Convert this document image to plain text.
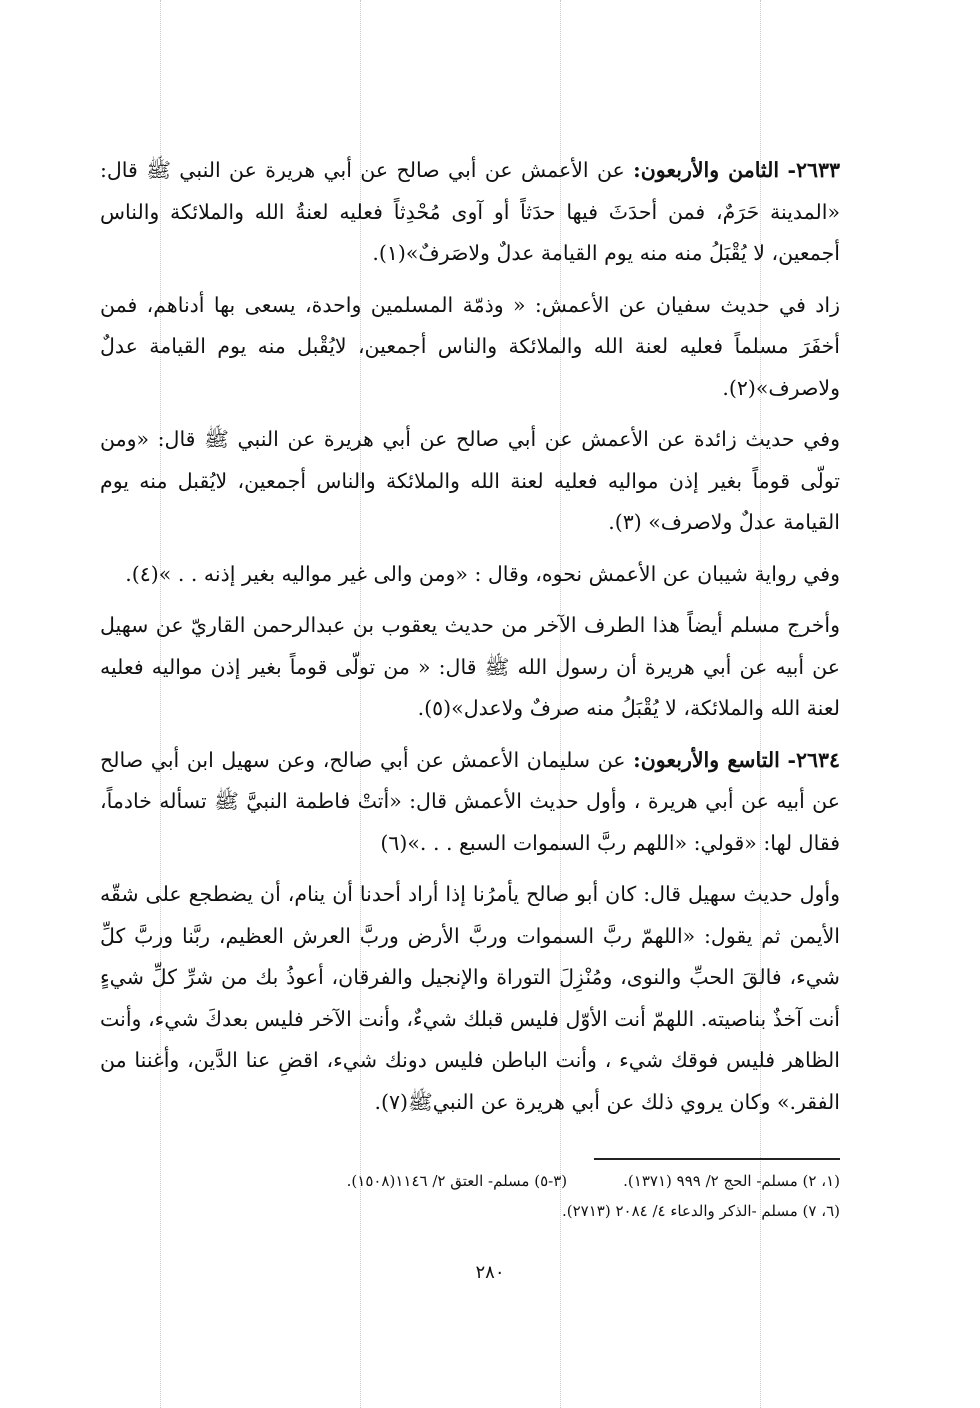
٢٦٣٣- الثامن والأربعون: عن الأعمش عن أبي صالح عن أبي هريرة عن النبي ﷺ قال: «المدينة حَرَمٌ، فمن أحدَثَ فيها حدَثاً أو آوى مُحْدِثاً فعليه لعنةُ الله والملائكة والناس أجمعين، لا يُقْبَلُ منه منه يوم القيامة عدلٌ ولاصَرفٌ»(١).

زاد في حديث سفيان عن الأعمش: « وذمّة المسلمين واحدة، يسعى بها أدناهم، فمن أخفَرَ مسلماً فعليه لعنة الله والملائكة والناس أجمعين، لايُقْبل منه يوم القيامة عدلٌ ولاصرف»(٢).

وفي حديث زائدة عن الأعمش عن أبي صالح عن أبي هريرة عن النبي ﷺ قال: «ومن تولّى قوماً بغير إذن مواليه فعليه لعنة الله والملائكة والناس أجمعين، لايُقبل منه يوم القيامة عدلٌ ولاصرف» (٣).

وفي رواية شيبان عن الأعمش نحوه، وقال : «ومن والى غير مواليه بغير إذنه . . »(٤).

وأخرج مسلم أيضاً هذا الطرف الآخر من حديث يعقوب بن عبدالرحمن القاريّ عن سهيل عن أبيه عن أبي هريرة أن رسول الله ﷺ قال: « من تولّى قوماً بغير إذن مواليه فعليه لعنة الله والملائكة، لا يُقْبَلُ منه صرفٌ ولاعدل»(٥).

٢٦٣٤- التاسع والأربعون: عن سليمان الأعمش عن أبي صالح، وعن سهيل ابن أبي صالح عن أبيه عن أبي هريرة ، وأول حديث الأعمش قال: «أتتْ فاطمة النبيَّ ﷺ تسأله خادماً، فقال لها: «قولي: «اللهم ربَّ السموات السبع . . .»(٦)

وأول حديث سهيل قال: كان أبو صالح يأمرُنا إذا أراد أحدنا أن ينام، أن يضطجع على شقّه الأيمن ثم يقول: «اللهمّ ربَّ السموات وربَّ الأرض وربَّ العرش العظيم، ربَّنا وربَّ كلِّ شيء، فالقَ الحبِّ والنوى، ومُنْزِلَ التوراة والإنجيل والفرقان، أعوذُ بك من شرِّ كلِّ شيءٍ أنت آخذٌ بناصيته. اللهمّ أنت الأوّل فليس قبلك شيءٌ، وأنت الآخر فليس بعدكَ شيء، وأنت الظاهر فليس فوقك شيء ، وأنت الباطن فليس دونك شيء، اقضِ عنا الدَّين، وأغننا من الفقر.» وكان يروي ذلك عن أبي هريرة عن النبيﷺ(٧).

(١، ٢) مسلم- الحج ٢/ ٩٩٩ (١٣٧١).
(٣-٥) مسلم- العتق ٢/ ١١٤٦(١٥٠٨).
(٦، ٧) مسلم -الذكر والدعاء ٤/ ٢٠٨٤ (٢٧١٣).
٢٨٠
